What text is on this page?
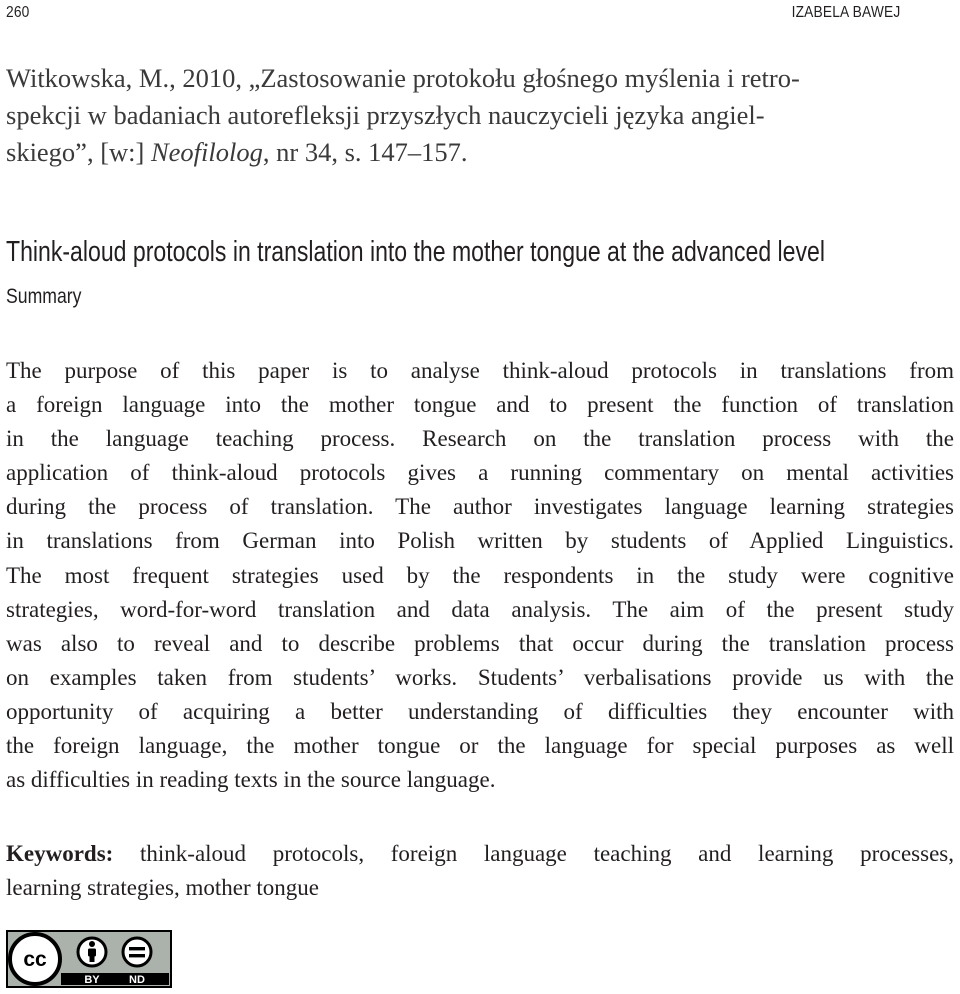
260	IZABELA BAWEJ
Witkowska, M., 2010, „Zastosowanie protokołu głośnego myślenia i retro-
spekcji w badaniach autorefleksji przyszłych nauczycieli języka angiel-
skiego”, [w:] Neofilolog, nr 34, s. 147–157.
Think-aloud protocols in translation into the mother tongue at the advanced level
Summary
The purpose of this paper is to analyse think-aloud protocols in translations from
a foreign language into the mother tongue and to present the function of translation
in the language teaching process. Research on the translation process with the
application of think-aloud protocols gives a running commentary on mental activities
during the process of translation. The author investigates language learning strategies
in translations from German into Polish written by students of Applied Linguistics.
The most frequent strategies used by the respondents in the study were cognitive
strategies, word-for-word translation and data analysis. The aim of the present study
was also to reveal and to describe problems that occur during the translation process
on examples taken from students’ works. Students’ verbalisations provide us with the
opportunity of acquiring a better understanding of difficulties they encounter with
the foreign language, the mother tongue or the language for special purposes as well
as difficulties in reading texts in the source language.
Keywords: think-aloud protocols, foreign language teaching and learning processes,
learning strategies, mother tongue
cc
BY	ND
